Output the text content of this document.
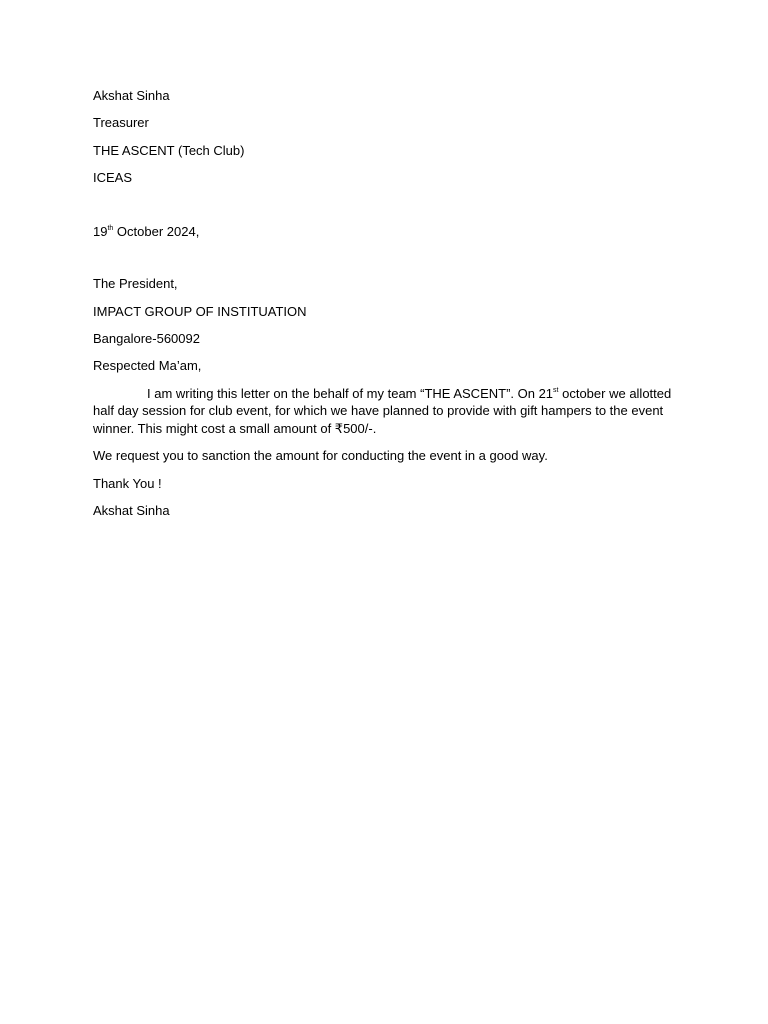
Akshat Sinha
Treasurer
THE ASCENT (Tech Club)
ICEAS
19th October 2024,
The President,
IMPACT GROUP OF INSTITUATION
Bangalore-560092
Respected Ma’am,

I am writing this letter on the behalf of my team “THE ASCENT”. On 21st october we allotted half day session for club event, for which we have planned to provide with gift hampers to the event winner. This might cost a small amount of ₹500/-.

We request you to sanction the amount for conducting the event in a good way.
Thank You !
Akshat Sinha
